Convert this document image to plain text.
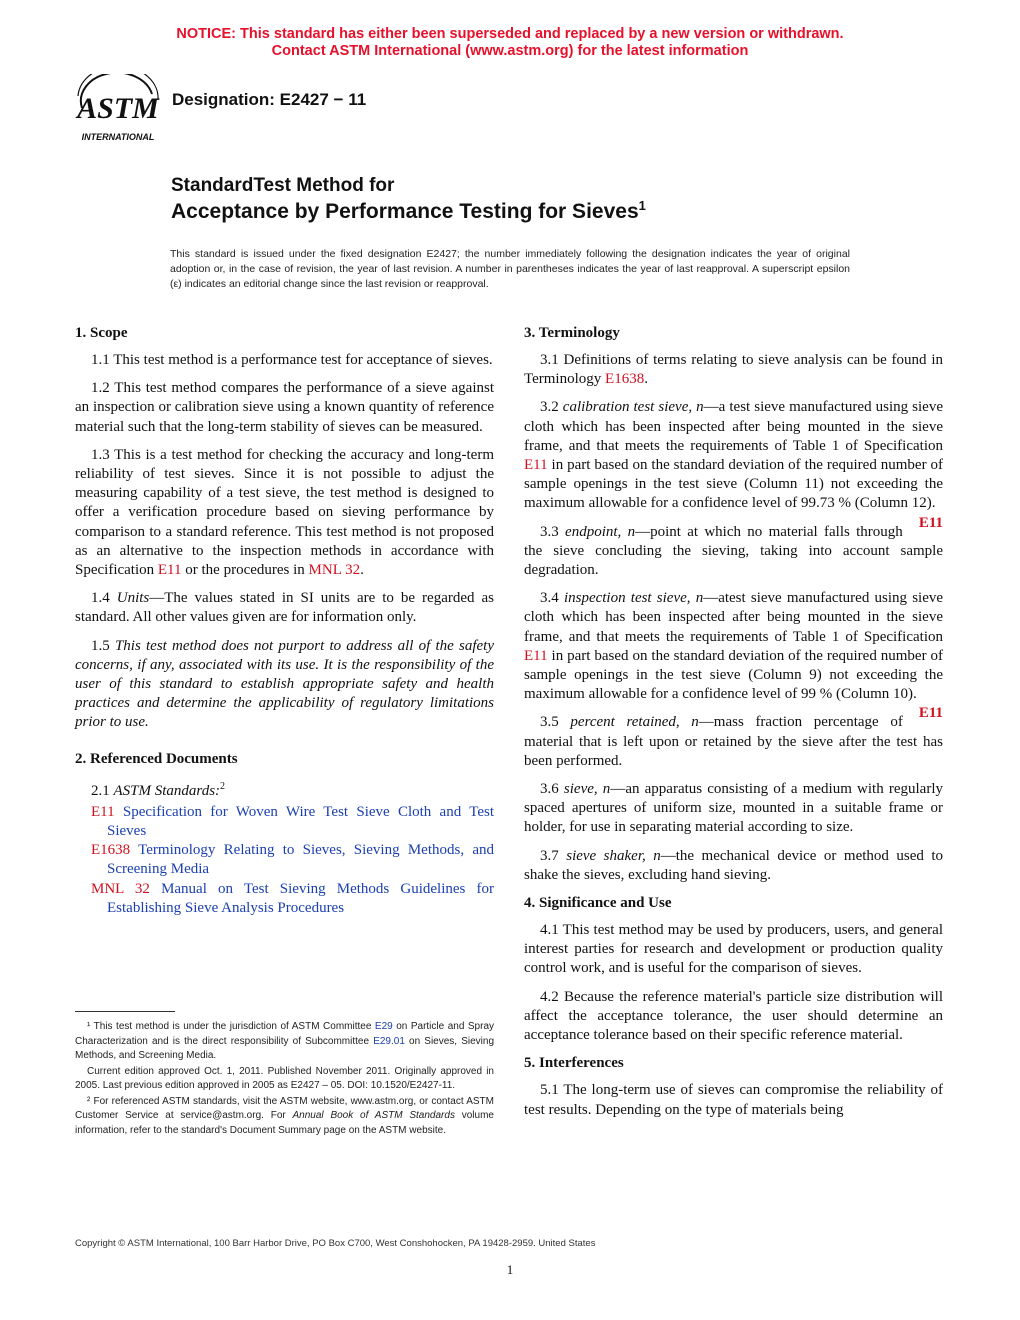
NOTICE: This standard has either been superseded and replaced by a new version or withdrawn.
Contact ASTM International (www.astm.org) for the latest information
ASTM
INTERNATIONAL
Designation: E2427 − 11
StandardTest Method for
Acceptance by Performance Testing for Sieves$^1$
This standard is issued under the fixed designation E2427; the number immediately following the designation indicates the year of original adoption or, in the case of revision, the year of last revision. A number in parentheses indicates the year of last reapproval. A superscript epsilon (ε) indicates an editorial change since the last revision or reapproval.
1. Scope

1.1 This test method is a performance test for acceptance of sieves.

1.2 This test method compares the performance of a sieve against an inspection or calibration sieve using a known quantity of reference material such that the long-term stability of sieves can be measured.

1.3 This is a test method for checking the accuracy and long-term reliability of test sieves. Since it is not possible to adjust the measuring capability of a test sieve, the test method is designed to offer a verification procedure based on sieving performance by comparison to a standard reference. This test method is not proposed as an alternative to the inspection methods in accordance with Specification E11 or the procedures in MNL 32.

1.4 Units—The values stated in SI units are to be regarded as standard. All other values given are for information only.

1.5 This test method does not purport to address all of the safety concerns, if any, associated with its use. It is the responsibility of the user of this standard to establish appropriate safety and health practices and determine the applicability of regulatory limitations prior to use.

2. Referenced Documents

2.1 ASTM Standards:$^2$

E11 Specification for Woven Wire Test Sieve Cloth and Test Sieves

E1638 Terminology Relating to Sieves, Sieving Methods, and Screening Media

MNL 32 Manual on Test Sieving Methods Guidelines for Establishing Sieve Analysis Procedures

¹ This test method is under the jurisdiction of ASTM Committee E29 on Particle and Spray Characterization and is the direct responsibility of Subcommittee E29.01 on Sieves, Sieving Methods, and Screening Media.

Current edition approved Oct. 1, 2011. Published November 2011. Originally approved in 2005. Last previous edition approved in 2005 as E2427 – 05. DOI: 10.1520/E2427-11.

² For referenced ASTM standards, visit the ASTM website, www.astm.org, or contact ASTM Customer Service at service@astm.org. For Annual Book of ASTM Standards volume information, refer to the standard's Document Summary page on the ASTM website.

3. Terminology

3.1 Definitions of terms relating to sieve analysis can be found in Terminology E1638.

3.2 calibration test sieve, n—a test sieve manufactured using sieve cloth which has been inspected after being mounted in the sieve frame, and that meets the requirements of Table 1 of Specification E11 in part based on the standard deviation of the required number of sample openings in the test sieve (Column 11) not exceeding the maximum allowable for a confidence level of 99.73 % (Column 12).
E11

3.3 endpoint, n—point at which no material falls through the sieve concluding the sieving, taking into account sample degradation.

3.4 inspection test sieve, n—atest sieve manufactured using sieve cloth which has been inspected after being mounted in the sieve frame, and that meets the requirements of Table 1 of Specification E11 in part based on the standard deviation of the required number of sample openings in the test sieve (Column 9) not exceeding the maximum allowable for a confidence level of 99 % (Column 10).
E11

3.5 percent retained, n—mass fraction percentage of material that is left upon or retained by the sieve after the test has been performed.

3.6 sieve, n—an apparatus consisting of a medium with regularly spaced apertures of uniform size, mounted in a suitable frame or holder, for use in separating material according to size.

3.7 sieve shaker, n—the mechanical device or method used to shake the sieves, excluding hand sieving.

4. Significance and Use

4.1 This test method may be used by producers, users, and general interest parties for research and development or production quality control work, and is useful for the comparison of sieves.

4.2 Because the reference material's particle size distribution will affect the acceptance tolerance, the user should determine an acceptance tolerance based on their specific reference material.

5. Interferences

5.1 The long-term use of sieves can compromise the reliability of test results. Depending on the type of materials being

Copyright © ASTM International, 100 Barr Harbor Drive, PO Box C700, West Conshohocken, PA 19428-2959. United States
1
